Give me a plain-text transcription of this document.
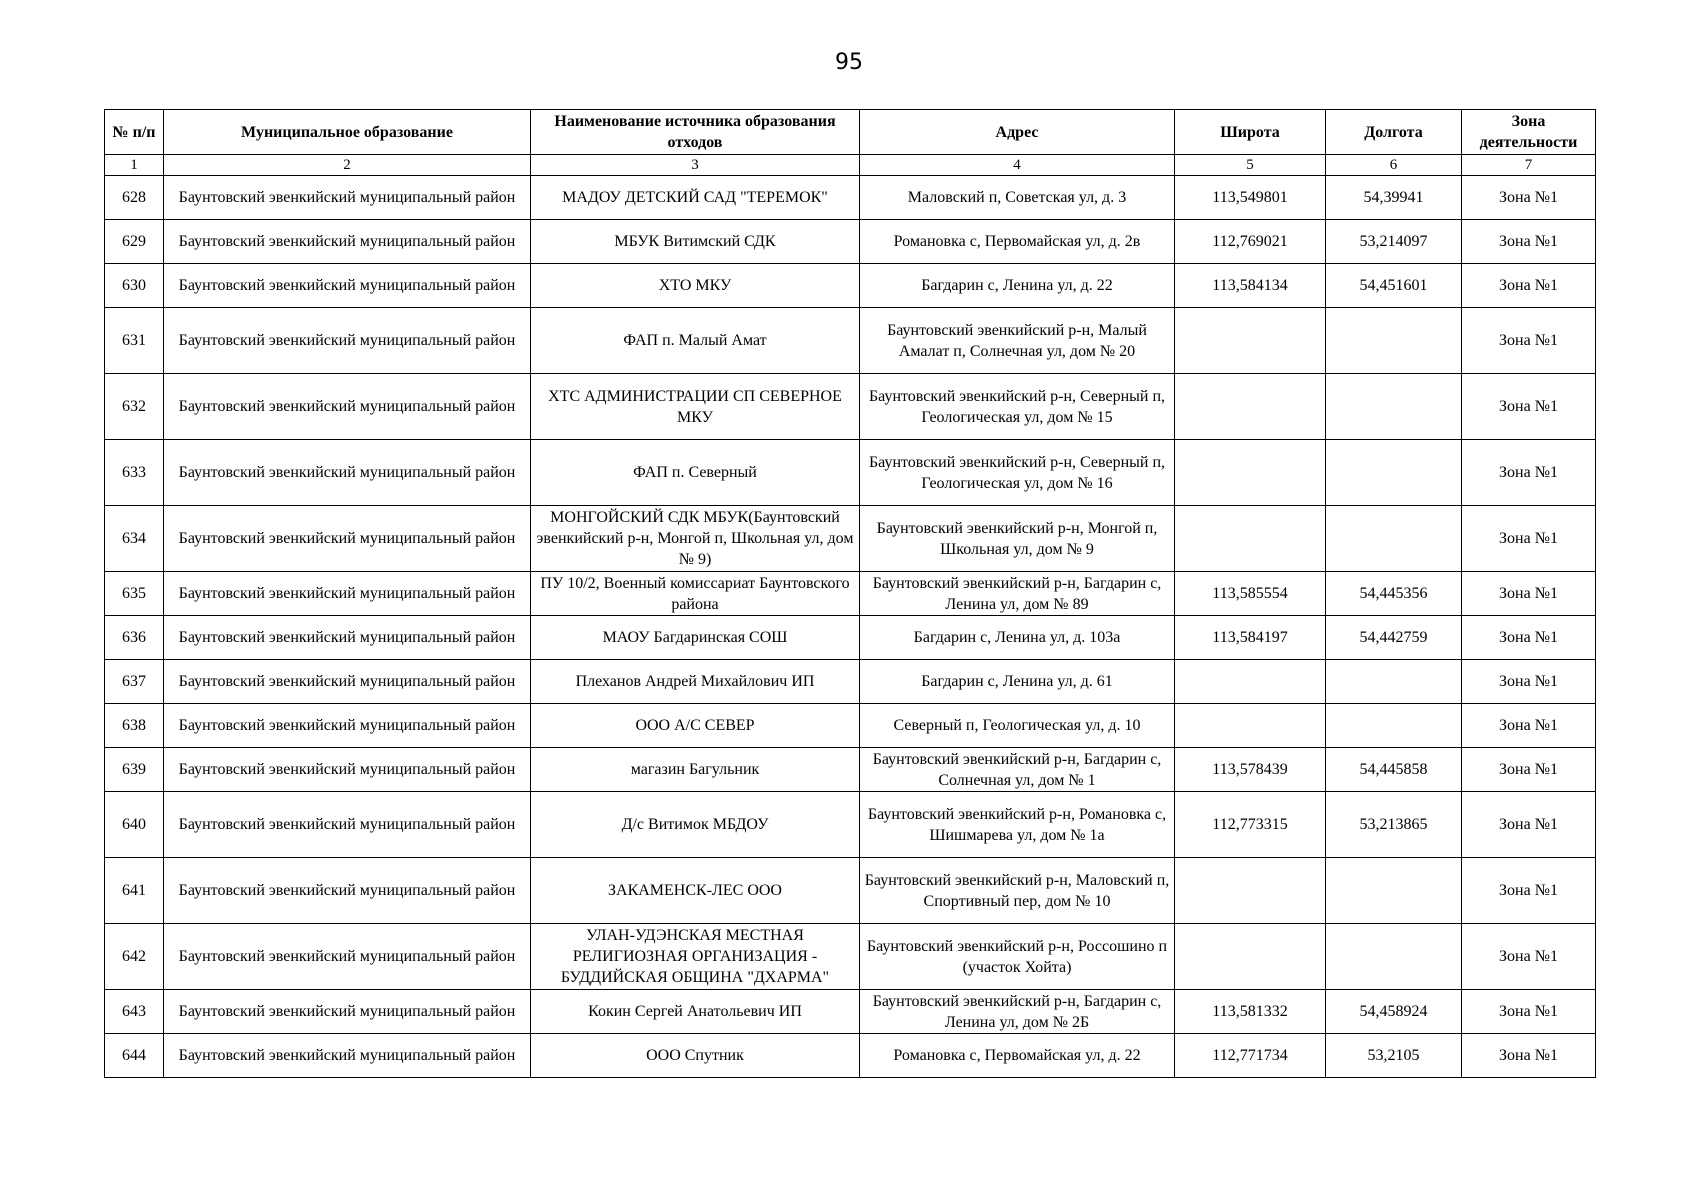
95
№ п/п	Муниципальное образование	Наименование источника образования отходов	Адрес	Широта	Долгота	Зона деятельности
1	2	3	4	5	6	7
628	Баунтовский эвенкийский муниципальный район	МАДОУ ДЕТСКИЙ САД "ТЕРЕМОК"	Маловский п, Советская ул, д. 3	113,549801	54,39941	Зона №1
629	Баунтовский эвенкийский муниципальный район	МБУК Витимский СДК	Романовка с, Первомайская ул, д. 2в	112,769021	53,214097	Зона №1
630	Баунтовский эвенкийский муниципальный район	ХТО МКУ	Багдарин с, Ленина ул, д. 22	113,584134	54,451601	Зона №1
631	Баунтовский эвенкийский муниципальный район	ФАП п. Малый Амат	Баунтовский эвенкийский р-н, Малый Амалат п, Солнечная ул, дом № 20			Зона №1
632	Баунтовский эвенкийский муниципальный район	ХТС АДМИНИСТРАЦИИ СП СЕВЕРНОЕ МКУ	Баунтовский эвенкийский р-н, Северный п, Геологическая ул, дом № 15			Зона №1
633	Баунтовский эвенкийский муниципальный район	ФАП п. Северный	Баунтовский эвенкийский р-н, Северный п, Геологическая ул, дом № 16			Зона №1
634	Баунтовский эвенкийский муниципальный район	МОНГОЙСКИЙ СДК МБУК(Баунтовский эвенкийский р-н, Монгой п, Школьная ул, дом № 9)	Баунтовский эвенкийский р-н, Монгой п, Школьная ул, дом № 9			Зона №1
635	Баунтовский эвенкийский муниципальный район	ПУ 10/2, Военный комиссариат Баунтовского района	Баунтовский эвенкийский р-н, Багдарин с, Ленина ул, дом № 89	113,585554	54,445356	Зона №1
636	Баунтовский эвенкийский муниципальный район	МАОУ Багдаринская СОШ	Багдарин с, Ленина ул, д. 103а	113,584197	54,442759	Зона №1
637	Баунтовский эвенкийский муниципальный район	Плеханов Андрей Михайлович ИП	Багдарин с, Ленина ул, д. 61			Зона №1
638	Баунтовский эвенкийский муниципальный район	ООО А/С СЕВЕР	Северный п, Геологическая ул, д. 10			Зона №1
639	Баунтовский эвенкийский муниципальный район	магазин Багульник	Баунтовский эвенкийский р-н, Багдарин с, Солнечная ул, дом № 1	113,578439	54,445858	Зона №1
640	Баунтовский эвенкийский муниципальный район	Д/с Витимок МБДОУ	Баунтовский эвенкийский р-н, Романовка с, Шишмарева ул, дом № 1а	112,773315	53,213865	Зона №1
641	Баунтовский эвенкийский муниципальный район	ЗАКАМЕНСК-ЛЕС ООО	Баунтовский эвенкийский р-н, Маловский п, Спортивный пер, дом № 10			Зона №1
642	Баунтовский эвенкийский муниципальный район	УЛАН-УДЭНСКАЯ МЕСТНАЯ РЕЛИГИОЗНАЯ ОРГАНИЗАЦИЯ - БУДДИЙСКАЯ ОБЩИНА "ДХАРМА"	Баунтовский эвенкийский р-н, Россошино п (участок Хойта)			Зона №1
643	Баунтовский эвенкийский муниципальный район	Кокин Сергей Анатольевич ИП	Баунтовский эвенкийский р-н, Багдарин с, Ленина ул, дом № 2Б	113,581332	54,458924	Зона №1
644	Баунтовский эвенкийский муниципальный район	ООО Спутник	Романовка с, Первомайская ул, д. 22	112,771734	53,2105	Зона №1
